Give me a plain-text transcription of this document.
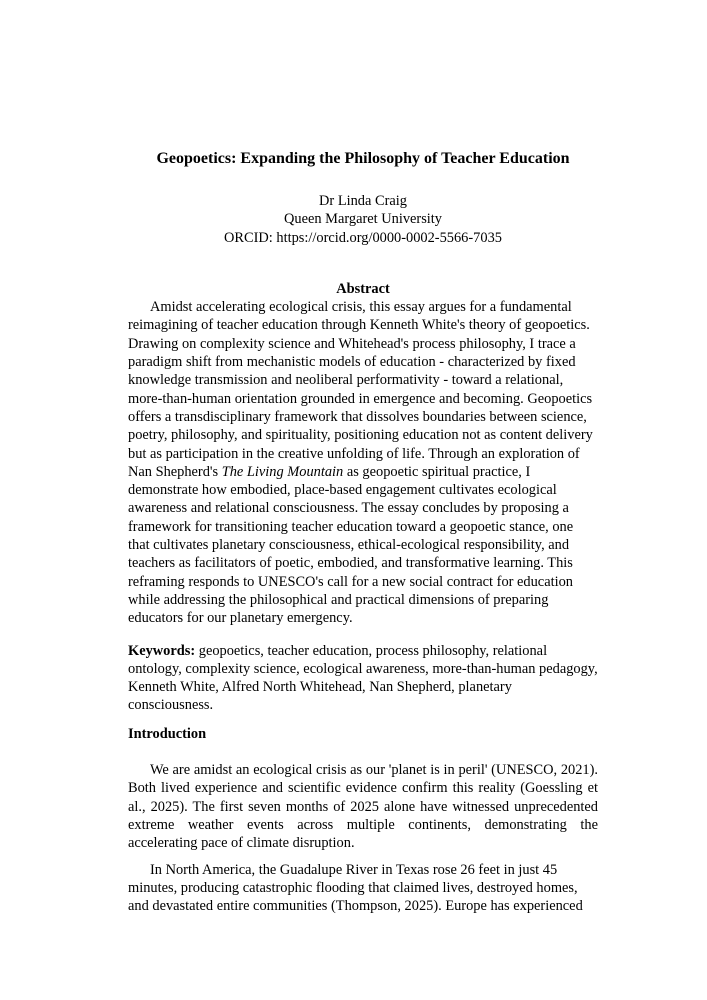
Geopoetics: Expanding the Philosophy of Teacher Education
Dr Linda Craig
Queen Margaret University
ORCID: https://orcid.org/0000-0002-5566-7035
Abstract

Amidst accelerating ecological crisis, this essay argues for a fundamental reimagining of teacher education through Kenneth White's theory of geopoetics. Drawing on complexity science and Whitehead's process philosophy, I trace a paradigm shift from mechanistic models of education - characterized by fixed knowledge transmission and neoliberal performativity - toward a relational, more-than-human orientation grounded in emergence and becoming. Geopoetics offers a transdisciplinary framework that dissolves boundaries between science, poetry, philosophy, and spirituality, positioning education not as content delivery but as participation in the creative unfolding of life. Through an exploration of Nan Shepherd's The Living Mountain as geopoetic spiritual practice, I demonstrate how embodied, place-based engagement cultivates ecological awareness and relational consciousness. The essay concludes by proposing a framework for transitioning teacher education toward a geopoetic stance, one that cultivates planetary consciousness, ethical-ecological responsibility, and teachers as facilitators of poetic, embodied, and transformative learning. This reframing responds to UNESCO's call for a new social contract for education while addressing the philosophical and practical dimensions of preparing educators for our planetary emergency.

Keywords: geopoetics, teacher education, process philosophy, relational ontology, complexity science, ecological awareness, more-than-human pedagogy, Kenneth White, Alfred North Whitehead, Nan Shepherd, planetary consciousness.

Introduction

We are amidst an ecological crisis as our 'planet is in peril' (UNESCO, 2021). Both lived experience and scientific evidence confirm this reality (Goessling et al., 2025). The first seven months of 2025 alone have witnessed unprecedented extreme weather events across multiple continents, demonstrating the accelerating pace of climate disruption.

In North America, the Guadalupe River in Texas rose 26 feet in just 45 minutes, producing catastrophic flooding that claimed lives, destroyed homes, and devastated entire communities (Thompson, 2025). Europe has experienced
